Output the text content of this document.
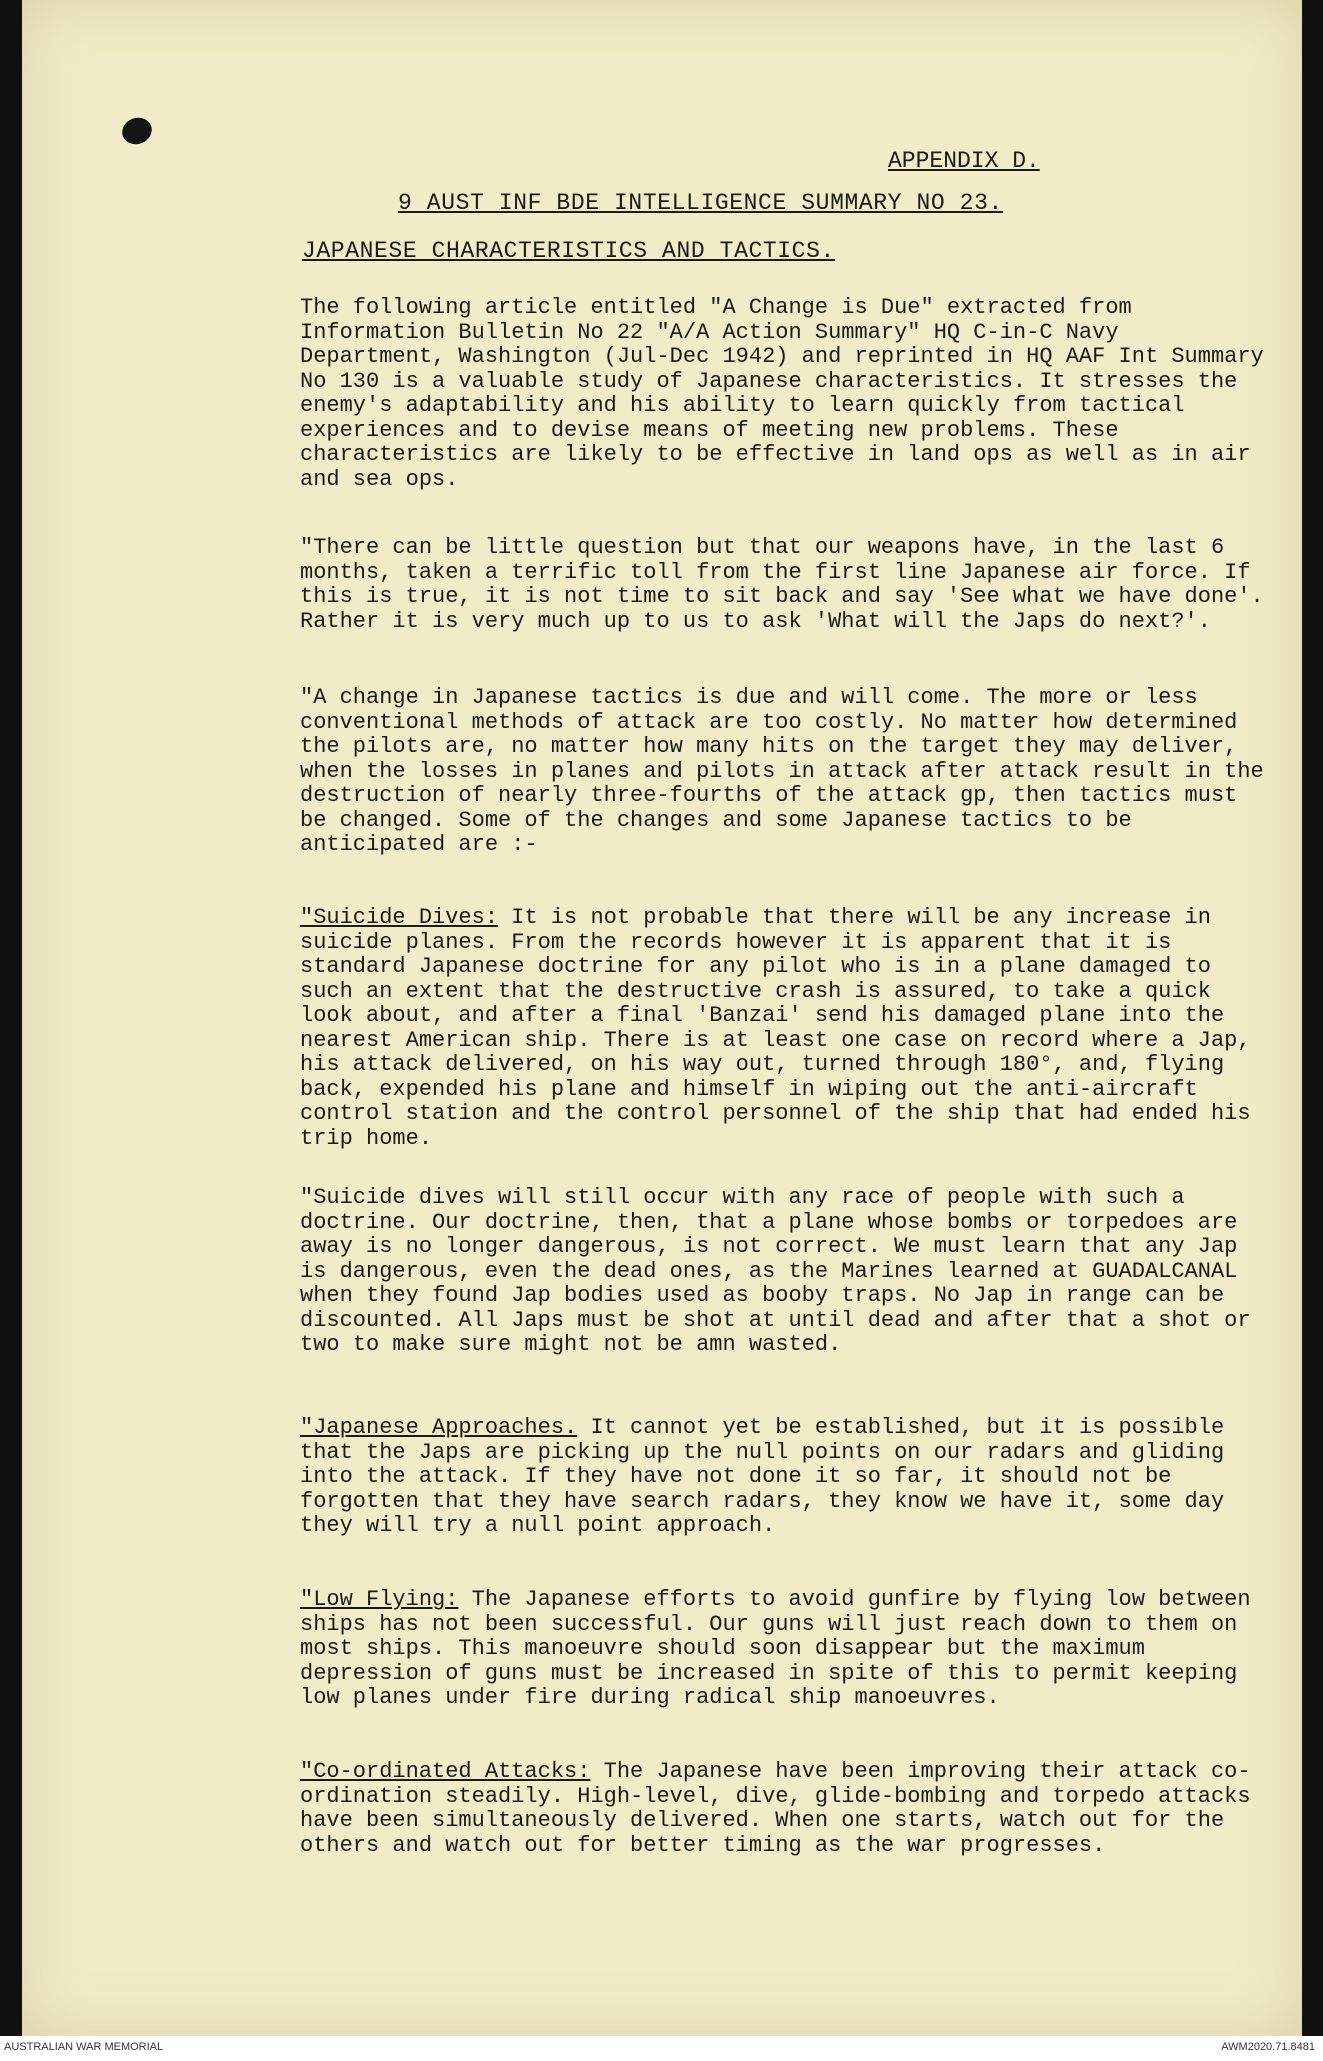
APPENDIX D.
9 AUST INF BDE INTELLIGENCE SUMMARY NO 23.
JAPANESE CHARACTERISTICS AND TACTICS.

The following article entitled "A Change is Due" extracted from Information Bulletin No 22 "A/A Action Summary" HQ C-in-C Navy Department, Washington (Jul-Dec 1942) and reprinted in HQ AAF Int Summary No 130 is a valuable study of Japanese characteristics. It stresses the enemy's adaptability and his ability to learn quickly from tactical experiences and to devise means of meeting new problems. These characteristics are likely to be effective in land ops as well as in air and sea ops.

"There can be little question but that our weapons have, in the last 6 months, taken a terrific toll from the first line Japanese air force. If this is true, it is not time to sit back and say 'See what we have done'. Rather it is very much up to us to ask 'What will the Japs do next?'.

"A change in Japanese tactics is due and will come. The more or less conventional methods of attack are too costly. No matter how determined the pilots are, no matter how many hits on the target they may deliver, when the losses in planes and pilots in attack after attack result in the destruction of nearly three-fourths of the attack gp, then tactics must be changed. Some of the changes and some Japanese tactics to be anticipated are :-

"Suicide Dives: It is not probable that there will be any increase in suicide planes. From the records however it is apparent that it is standard Japanese doctrine for any pilot who is in a plane damaged to such an extent that the destructive crash is assured, to take a quick look about, and after a final 'Banzai' send his damaged plane into the nearest American ship. There is at least one case on record where a Jap, his attack delivered, on his way out, turned through 180°, and, flying back, expended his plane and himself in wiping out the anti-aircraft control station and the control personnel of the ship that had ended his trip home.

"Suicide dives will still occur with any race of people with such a doctrine. Our doctrine, then, that a plane whose bombs or torpedoes are away is no longer dangerous, is not correct. We must learn that any Jap is dangerous, even the dead ones, as the Marines learned at GUADALCANAL when they found Jap bodies used as booby traps. No Jap in range can be discounted. All Japs must be shot at until dead and after that a shot or two to make sure might not be amn wasted.

"Japanese Approaches. It cannot yet be established, but it is possible that the Japs are picking up the null points on our radars and gliding into the attack. If they have not done it so far, it should not be forgotten that they have search radars, they know we have it, some day they will try a null point approach.

"Low Flying: The Japanese efforts to avoid gunfire by flying low between ships has not been successful. Our guns will just reach down to them on most ships. This manoeuvre should soon disappear but the maximum depression of guns must be increased in spite of this to permit keeping low planes under fire during radical ship manoeuvres.

"Co-ordinated Attacks: The Japanese have been improving their attack co-ordination steadily. High-level, dive, glide-bombing and torpedo attacks have been simultaneously delivered. When one starts, watch out for the others and watch out for better timing as the war progresses.

AUSTRALIAN WAR MEMORIAL	AWM2020.71.8481
